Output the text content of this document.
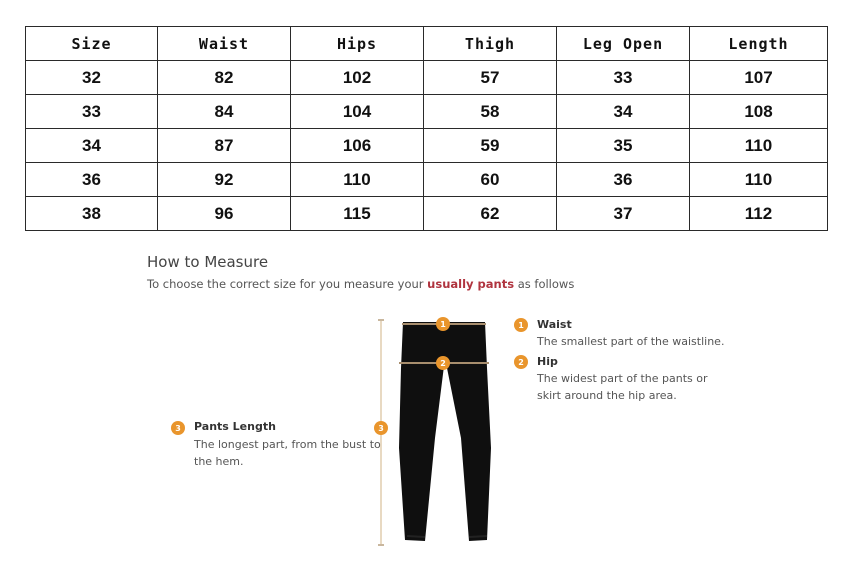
Size	Waist	Hips	Thigh	Leg Open	Length
32	82	102	57	33	107
33	84	104	58	34	108
34	87	106	59	35	110
36	92	110	60	36	110
38	96	115	62	37	112
How to Measure
To choose the correct size for you measure your usually pants as follows
3
1
2
1	Waist
The smallest part of the waistline.
2	Hip
The widest part of the pants or
skirt around the hip area.
3	Pants Length
The longest part, from the bust to
the hem.
